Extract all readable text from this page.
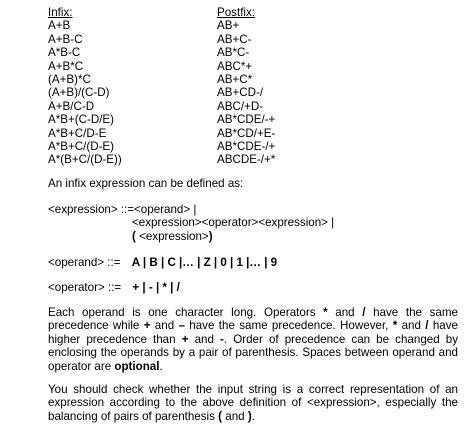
Infix:	Postfix:
A+B	AB+
A+B-C	AB+C-
A*B-C	AB*C-
A+B*C	ABC*+
(A+B)*C	AB+C*
(A+B)/(C-D)	AB+CD-/
A+B/C-D	ABC/+D-
A*B+(C-D/E)	AB*CDE/-+
A*B+C/D-E	AB*CD/+E-
A*B+C/(D-E)	AB*CDE-/+
A*(B+C/(D-E))	ABCDE-/+*
An infix expression can be defined as:
<expression> ::=<operand> |
<expression><operator><expression> |
( <expression>)
<operand> ::= A | B | C |… | Z | 0 | 1 |… | 9
<operator> ::= + | - | * | /
Each operand is one character long. Operators * and / have the same precedence while + and – have the same precedence. However, * and / have higher precedence than + and -. Order of precedence can be changed by enclosing the operands by a pair of parenthesis. Spaces between operand and operator are optional.
You should check whether the input string is a correct representation of an expression according to the above definition of <expression>, especially the balancing of pairs of parenthesis ( and ).
